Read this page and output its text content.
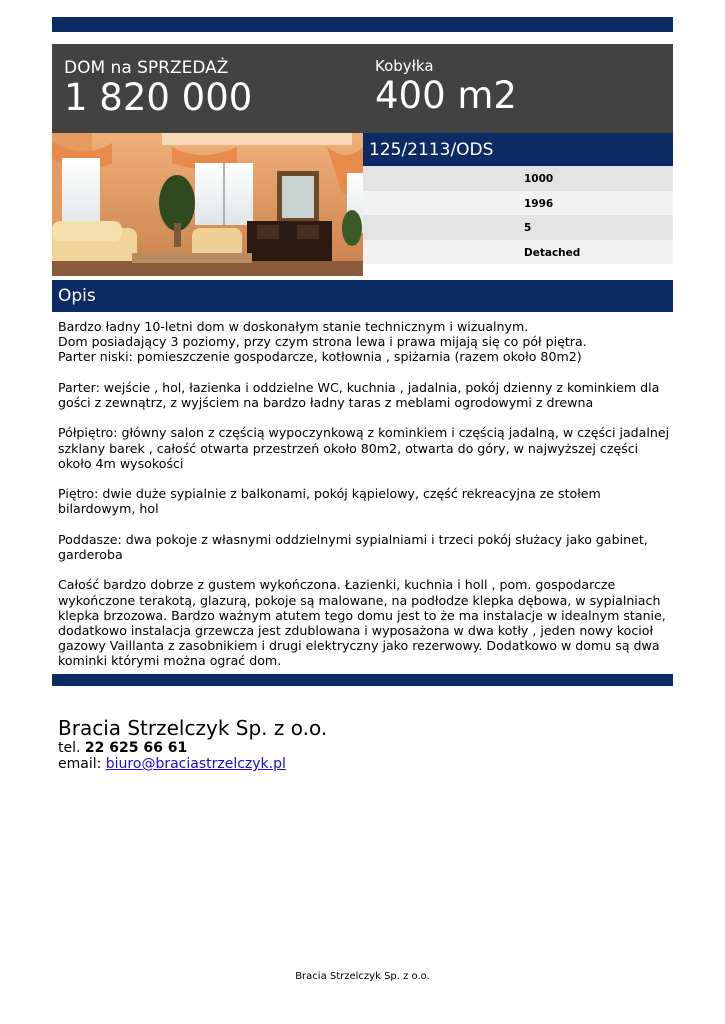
DOM na SPRZEDAŻ
1 820 000
Kobyłka
400 m2
125/2113/ODS
1000
1996
5
Detached
Opis

Bardzo ładny 10-letni dom w doskonałym stanie technicznym i wizualnym.
Dom posiadający 3 poziomy, przy czym strona lewa i prawa mijają się co pół piętra.
Parter niski: pomieszczenie gospodarcze, kotłownia , spiżarnia (razem około 80m2)

Parter: wejście , hol, łazienka i oddzielne WC, kuchnia , jadalnia, pokój dzienny z kominkiem dla gości z zewnątrz, z wyjściem na bardzo ładny taras z meblami ogrodowymi z drewna

Półpiętro: główny salon z częścią wypoczynkową z kominkiem i częścią jadalną, w części jadalnej szklany barek , całość otwarta przestrzeń około 80m2, otwarta do góry, w najwyższej części około 4m wysokości

Piętro: dwie duże sypialnie z balkonami, pokój kąpielowy, część rekreacyjna ze stołem bilardowym, hol

Poddasze: dwa pokoje z własnymi oddzielnymi sypialniami i trzeci pokój służacy jako gabinet, garderoba

Całość bardzo dobrze z gustem wykończona. Łazienki, kuchnia i holl , pom. gospodarcze wykończone terakotą, glazurą, pokoje są malowane, na podłodze klepka dębowa, w sypialniach klepka brzozowa. Bardzo ważnym atutem tego domu jest to że ma instalacje w idealnym stanie, dodatkowo instalacja grzewcza jest zdublowana i wyposażona w dwa kotły , jeden nowy kocioł gazowy Vaillanta z zasobnikiem i drugi elektryczny jako rezerwowy. Dodatkowo w domu są dwa kominki którymi można ograć dom.

Bracia Strzelczyk Sp. z o.o.
tel. 22 625 66 61
email: biuro@braciastrzelczyk.pl
Bracia Strzelczyk Sp. z o.o.
